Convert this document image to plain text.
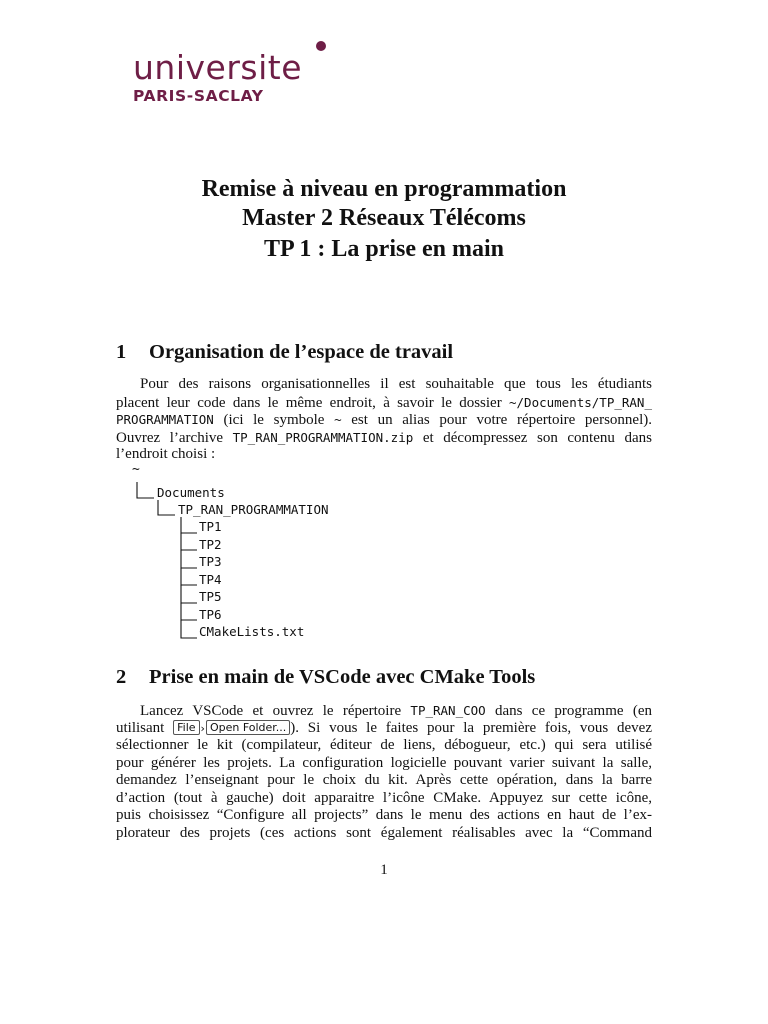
universite
PARIS-SACLAY
Remise à niveau en programmation
Master 2 Réseaux Télécoms
TP 1 : La prise en main
1 Organisation de l’espace de travail
Pour des raisons organisationnelles il est souhaitable que tous les étudiants
placent leur code dans le même endroit, à savoir le dossier ~/Documents/TP_RAN_
PROGRAMMATION (ici le symbole ~ est un alias pour votre répertoire personnel).
Ouvrez l’archive TP_RAN_PROGRAMMATION.zip et décompressez son contenu dans
l’endroit choisi :
~
Documents
TP_RAN_PROGRAMMATION
TP1
TP2
TP3
TP4
TP5
TP6
CMakeLists.txt
2 Prise en main de VSCode avec CMake Tools
Lancez VSCode et ouvrez le répertoire TP_RAN_COO dans ce programme (en
utilisant File › Open Folder... ). Si vous le faites pour la première fois, vous devez
sélectionner le kit (compilateur, éditeur de liens, débogueur, etc.) qui sera utilisé
pour générer les projets. La configuration logicielle pouvant varier suivant la salle,
demandez l’enseignant pour le choix du kit. Après cette opération, dans la barre
d’action (tout à gauche) doit apparaitre l’icône CMake. Appuyez sur cette icône,
puis choisissez “Configure all projects” dans le menu des actions en haut de l’ex-
plorateur des projets (ces actions sont également réalisables avec la “Command
1
